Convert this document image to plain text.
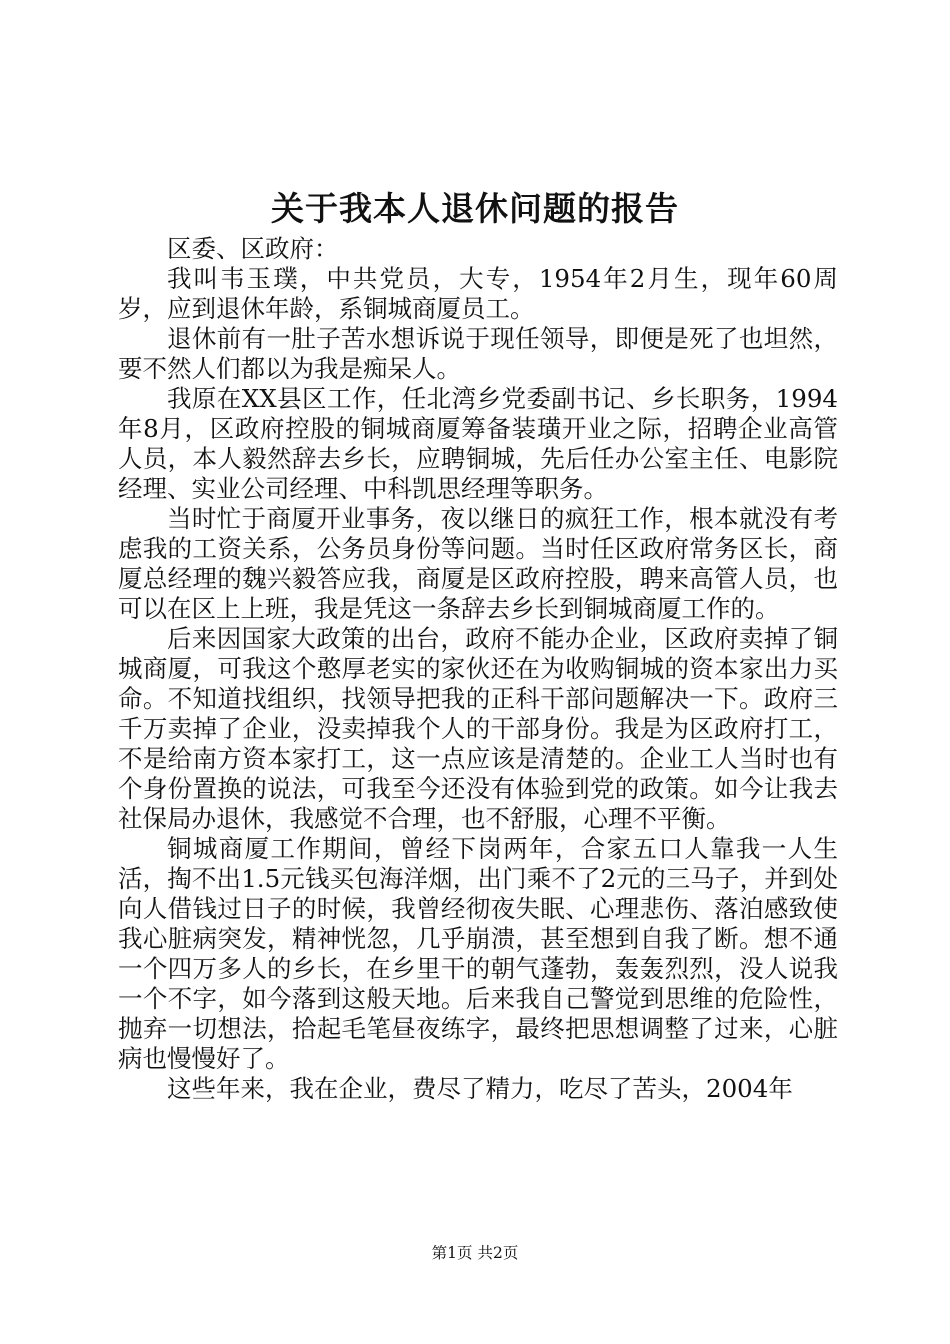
关于我本人退休问题的报告

区委、区政府：

我叫韦玉璞，中共党员，大专，1954年2月生，现年60周岁，应到退休年龄，系铜城商厦员工。

退休前有一肚子苦水想诉说于现任领导，即便是死了也坦然，要不然人们都以为我是痴呆人。

我原在XX县区工作，任北湾乡党委副书记、乡长职务，1994年8月，区政府控股的铜城商厦筹备装璜开业之际，招聘企业高管人员，本人毅然辞去乡长，应聘铜城，先后任办公室主任、电影院经理、实业公司经理、中科凯思经理等职务。

当时忙于商厦开业事务，夜以继日的疯狂工作，根本就没有考虑我的工资关系，公务员身份等问题。当时任区政府常务区长，商厦总经理的魏兴毅答应我，商厦是区政府控股，聘来高管人员，也可以在区上上班，我是凭这一条辞去乡长到铜城商厦工作的。

后来因国家大政策的出台，政府不能办企业，区政府卖掉了铜城商厦，可我这个憨厚老实的家伙还在为收购铜城的资本家出力买命。不知道找组织，找领导把我的正科干部问题解决一下。政府三千万卖掉了企业，没卖掉我个人的干部身份。我是为区政府打工，不是给南方资本家打工，这一点应该是清楚的。企业工人当时也有个身份置换的说法，可我至今还没有体验到党的政策。如今让我去社保局办退休，我感觉不合理，也不舒服，心理不平衡。

铜城商厦工作期间，曾经下岗两年，合家五口人靠我一人生活，掏不出1.5元钱买包海洋烟，出门乘不了2元的三马子，并到处向人借钱过日子的时候，我曾经彻夜失眠、心理悲伤、落泊感致使我心脏病突发，精神恍忽，几乎崩溃，甚至想到自我了断。想不通一个四万多人的乡长，在乡里干的朝气蓬勃，轰轰烈烈，没人说我一个不字，如今落到这般天地。后来我自己警觉到思维的危险性，抛弃一切想法，拾起毛笔昼夜练字，最终把思想调整了过来，心脏病也慢慢好了。

这些年来，我在企业，费尽了精力，吃尽了苦头，2004年

第1页 共2页
